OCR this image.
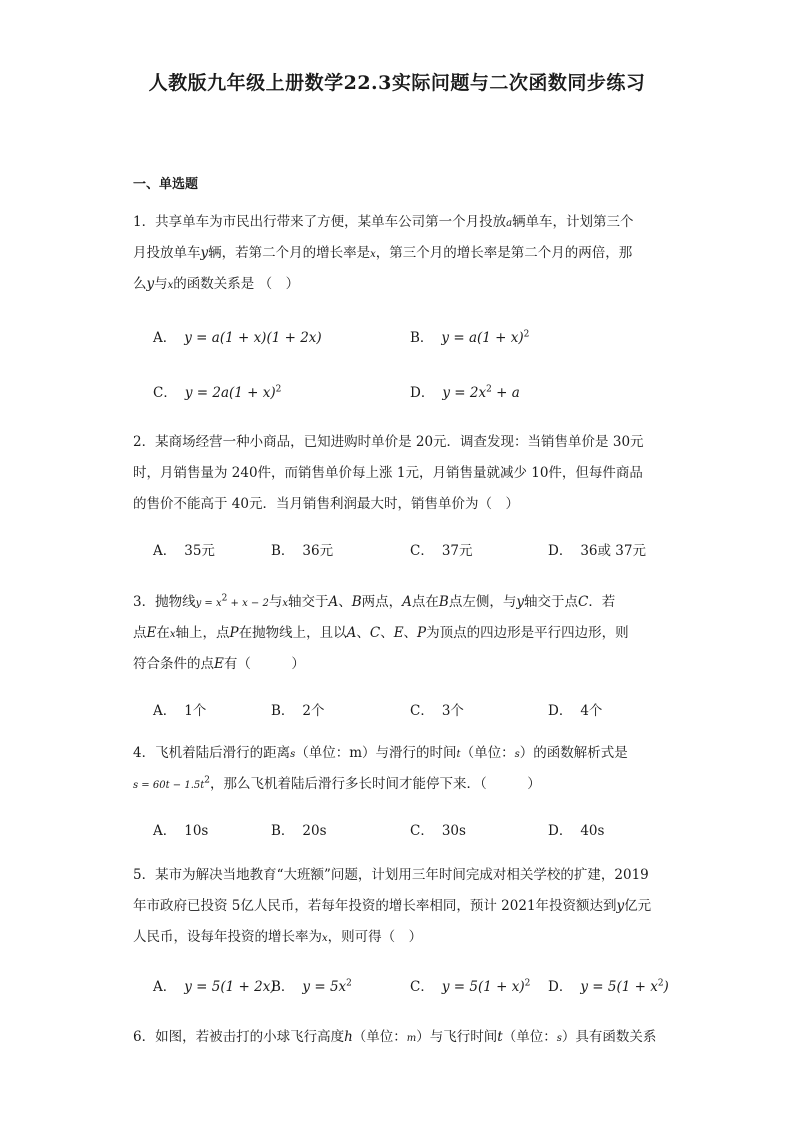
人教版九年级上册数学22.3实际问题与二次函数同步练习
一、单选题
1．共享单车为市民出行带来了方便，某单车公司第一个月投放a辆单车，计划第三个
月投放单车y辆，若第二个月的增长率是x，第三个月的增长率是第二个月的两倍，那
么y与x的函数关系是 （　）
A． y = a(1 + x)(1 + 2x)	B． $y = a(1 + x)^2$
C． $y = 2a(1 + x)^2$	D． $y = 2x^2 + a$
2．某商场经营一种小商品，已知进购时单价是 20元．调查发现：当销售单价是 30元
时，月销售量为 240件，而销售单价每上涨 1元，月销售量就减少 10件，但每件商品
的售价不能高于 40元．当月销售利润最大时，销售单价为（　）
A． 35元	B． 36元	C． 37元	D． 36或 37元
3．抛物线$y = x^2 + x - 2$与x轴交于A、B两点，A点在B点左侧，与y轴交于点C．若
点E在x轴上，点P在抛物线上，且以A、C、E、P为顶点的四边形是平行四边形，则
符合条件的点E有（　　　）
A． 1个	B． 2个	C． 3个	D． 4个
4．飞机着陆后滑行的距离s（单位：m）与滑行的时间t（单位：s）的函数解析式是
$s = 60t - 1.5t^2$，那么飞机着陆后滑行多长时间才能停下来．（　　　）
A． 10s	B． 20s	C． 30s	D． 40s
5．某市为解决当地教育“大班额”问题，计划用三年时间完成对相关学校的扩建，2019
年市政府已投资 5亿人民币，若每年投资的增长率相同，预计 2021年投资额达到y亿元
人民币，设每年投资的增长率为x，则可得（　）
A． y = 5(1 + 2x)
B． $y = 5x^2$	C． $y = 5(1 + x)^2$ D． $y = 5(1 + x^2)$
6．如图，若被击打的小球飞行高度h（单位：m）与飞行时间t（单位：s）具有函数关系
